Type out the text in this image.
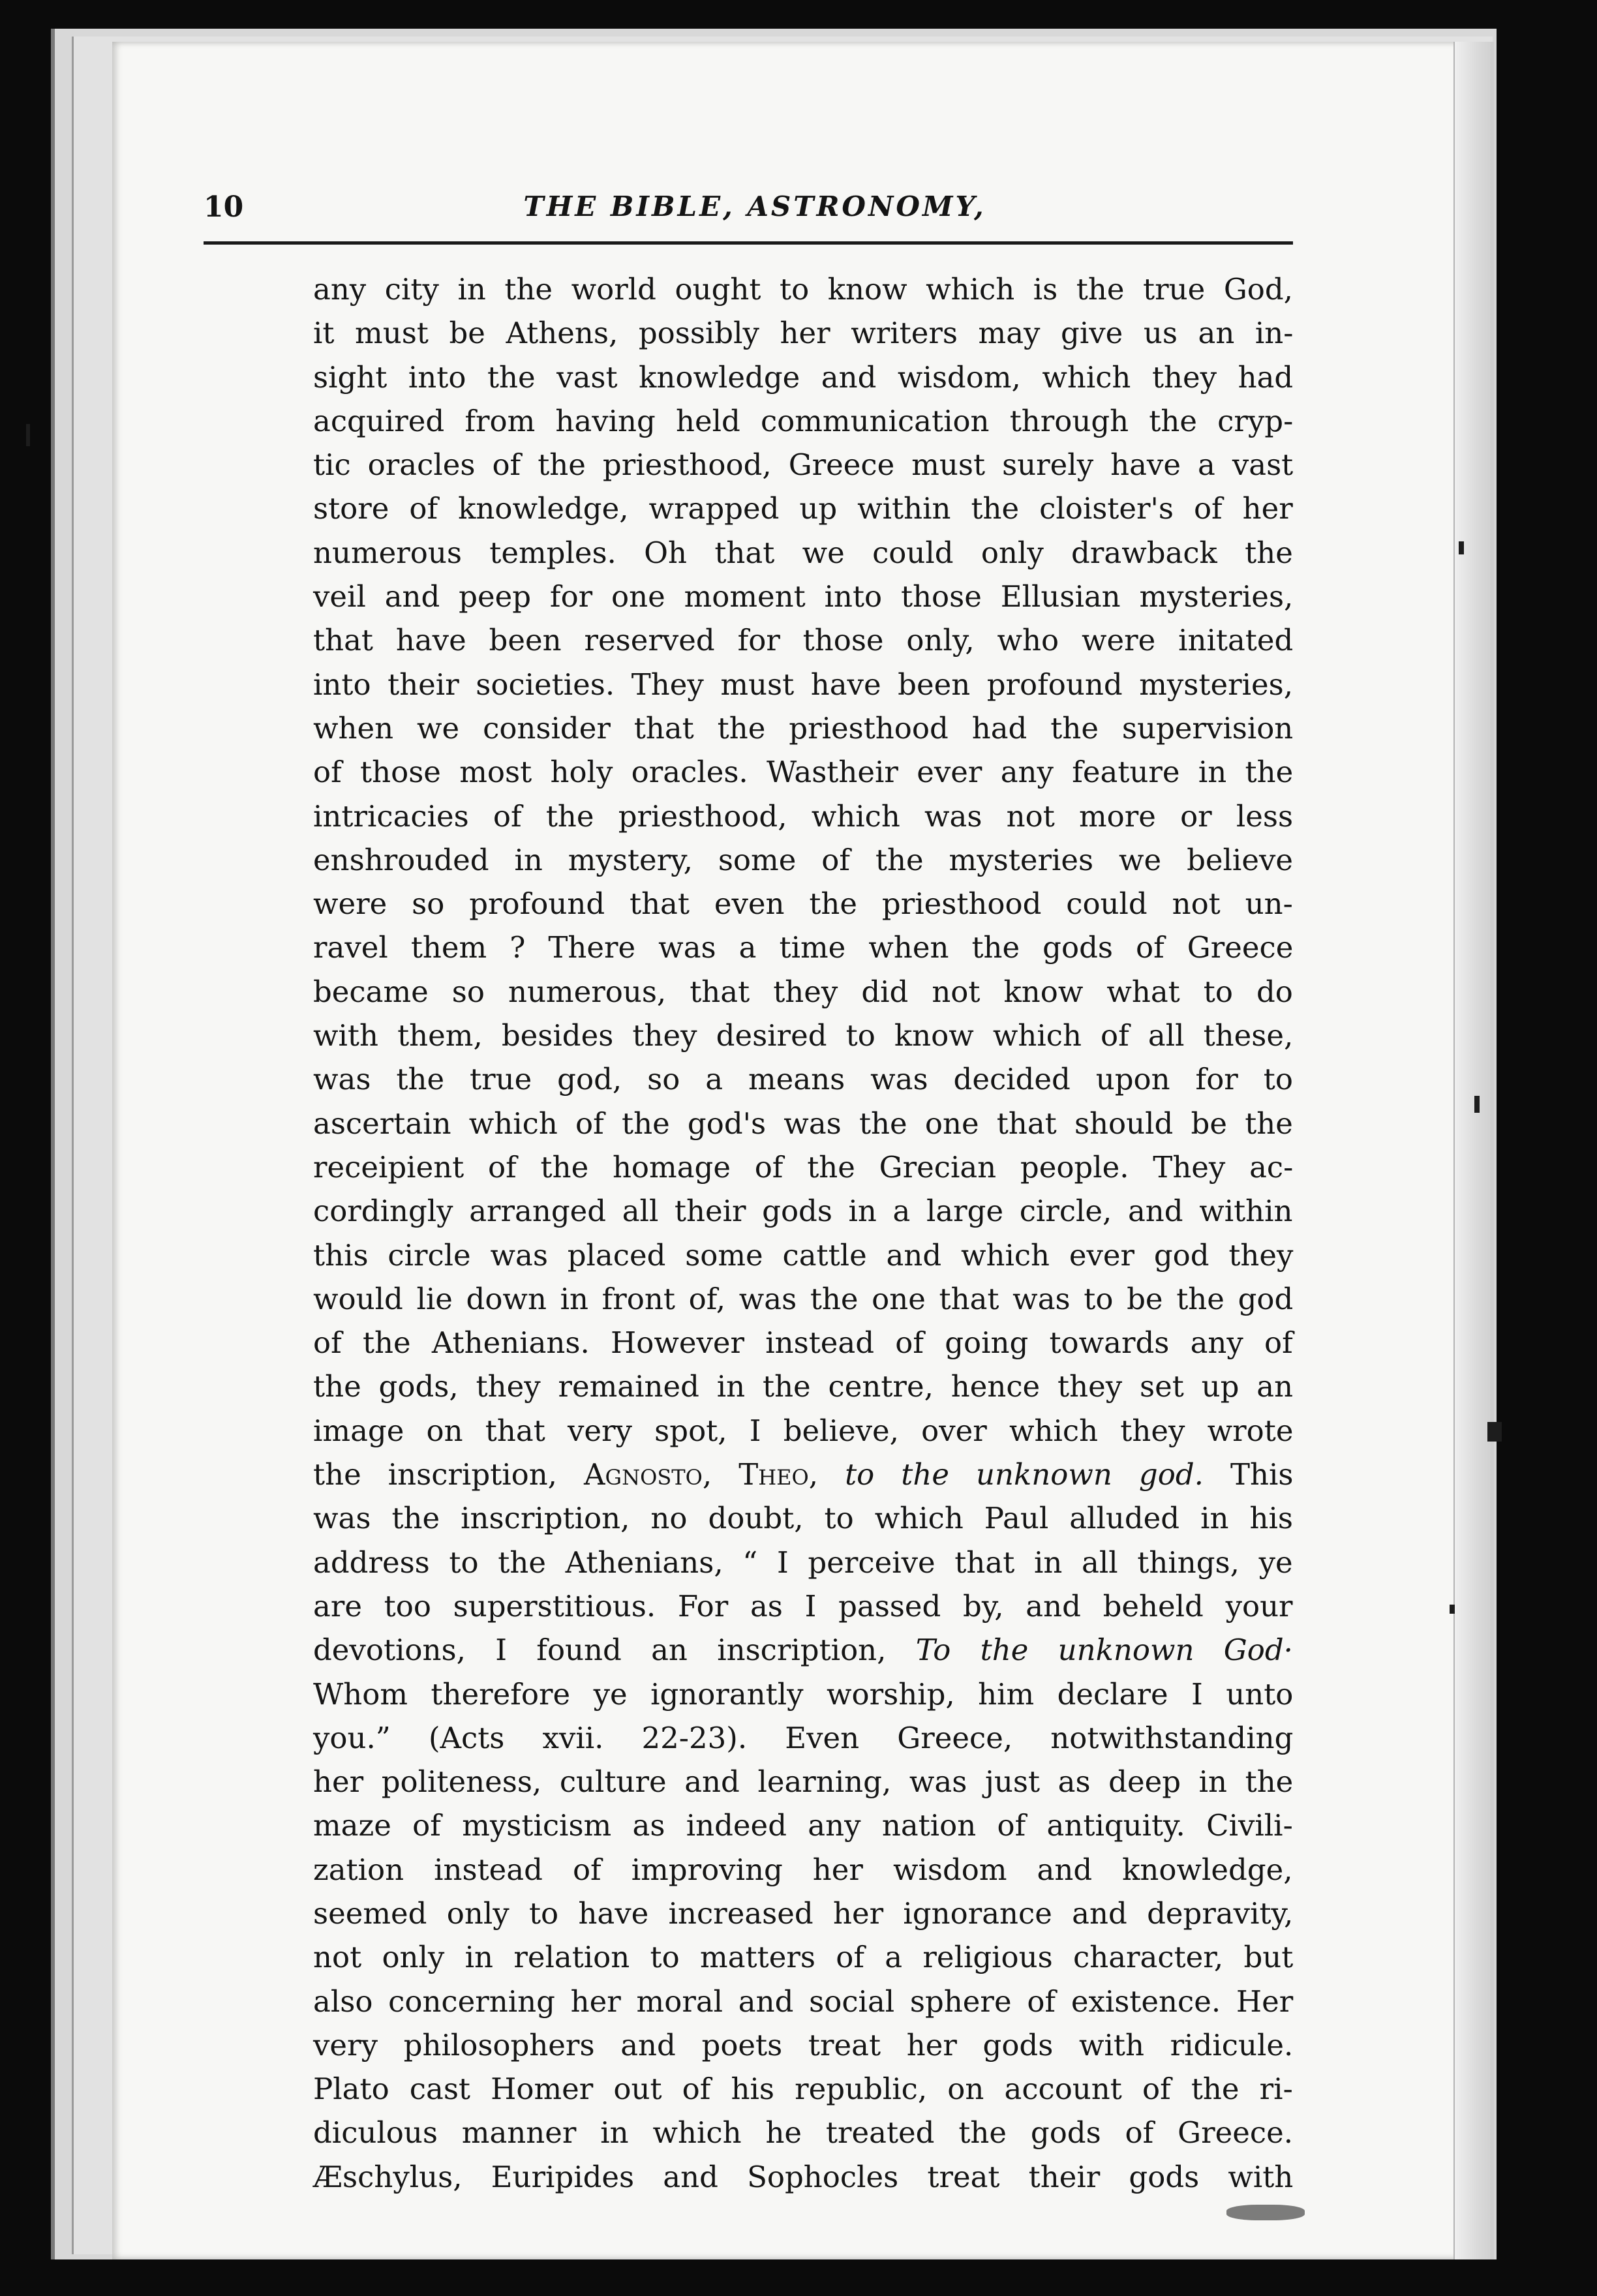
10	THE BIBLE, ASTRONOMY,
any city in the world ought to know which is the true God,
it must be Athens, possibly her writers may give us an in-
sight into the vast knowledge and wisdom, which they had
acquired from having held communication through the cryp-
tic oracles of the priesthood, Greece must surely have a vast
store of knowledge, wrapped up within the cloister's of her
numerous temples. Oh that we could only drawback the
veil and peep for one moment into those Ellusian mysteries,
that have been reserved for those only, who were initated
into their societies. They must have been profound mysteries,
when we consider that the priesthood had the supervision
of those most holy oracles. Wastheir ever any feature in the
intricacies of the priesthood, which was not more or less
enshrouded in mystery, some of the mysteries we believe
were so profound that even the priesthood could not un-
ravel them ? There was a time when the gods of Greece
became so numerous, that they did not know what to do
with them, besides they desired to know which of all these,
was the true god, so a means was decided upon for to
ascertain which of the god's was the one that should be the
receipient of the homage of the Grecian people. They ac-
cordingly arranged all their gods in a large circle, and within
this circle was placed some cattle and which ever god they
would lie down in front of, was the one that was to be the god
of the Athenians. However instead of going towards any of
the gods, they remained in the centre, hence they set up an
image on that very spot, I believe, over which they wrote
the inscription, Agnosto, Theo, to the unknown god. This
was the inscription, no doubt, to which Paul alluded in his
address to the Athenians, “ I perceive that in all things, ye
are too superstitious. For as I passed by, and beheld your
devotions, I found an inscription, To the unknown God·
Whom therefore ye ignorantly worship, him declare I unto
you.” (Acts xvii. 22-23). Even Greece, notwithstanding
her politeness, culture and learning, was just as deep in the
maze of mysticism as indeed any nation of antiquity. Civili-
zation instead of improving her wisdom and knowledge,
seemed only to have increased her ignorance and depravity,
not only in relation to matters of a religious character, but
also concerning her moral and social sphere of existence. Her
very philosophers and poets treat her gods with ridicule.
Plato cast Homer out of his republic, on account of the ri-
diculous manner in which he treated the gods of Greece.
Æschylus, Euripides and Sophocles treat their gods with
